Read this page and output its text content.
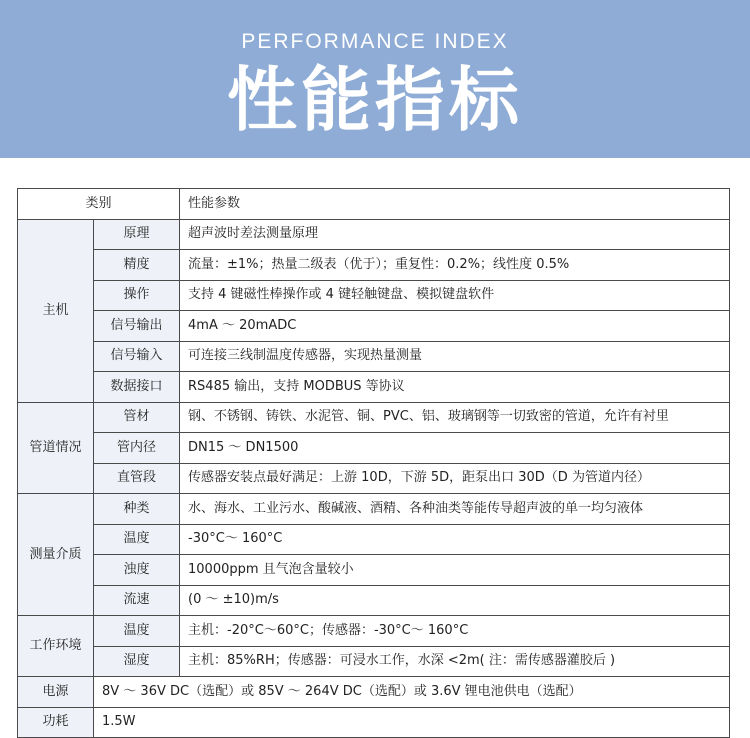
PERFORMANCE INDEX
性能指标
类别		性能参数
主机	原理	超声波时差法测量原理
	精度	流量：±1%；热量二级表（优于）；重复性：0.2%；线性度 0.5%
	操作	支持 4 键磁性棒操作或 4 键轻触键盘、模拟键盘软件
	信号输出	4mA ～ 20mADC
	信号输入	可连接三线制温度传感器，实现热量测量
	数据接口	RS485 输出，支持 MODBUS 等协议
管道情况	管材	钢、不锈钢、铸铁、水泥管、铜、PVC、铝、玻璃钢等一切致密的管道，允许有衬里
	管内径	DN15 ～ DN1500
	直管段	传感器安装点最好满足：上游 10D，下游 5D，距泵出口 30D（D 为管道内径）
测量介质	种类	水、海水、工业污水、酸碱液、酒精、各种油类等能传导超声波的单一均匀液体
	温度	-30°C～ 160°C
	浊度	10000ppm 且气泡含量较小
	流速	(0 ～ ±10)m/s
工作环境	温度	主机：-20°C～60°C；传感器：-30°C～ 160°C
	湿度	主机：85%RH；传感器：可浸水工作，水深 <2m( 注：需传感器灌胶后 )
电源	8V ～ 36V DC（选配）或 85V ～ 264V DC（选配）或 3.6V 锂电池供电（选配）	
功耗	1.5W	
